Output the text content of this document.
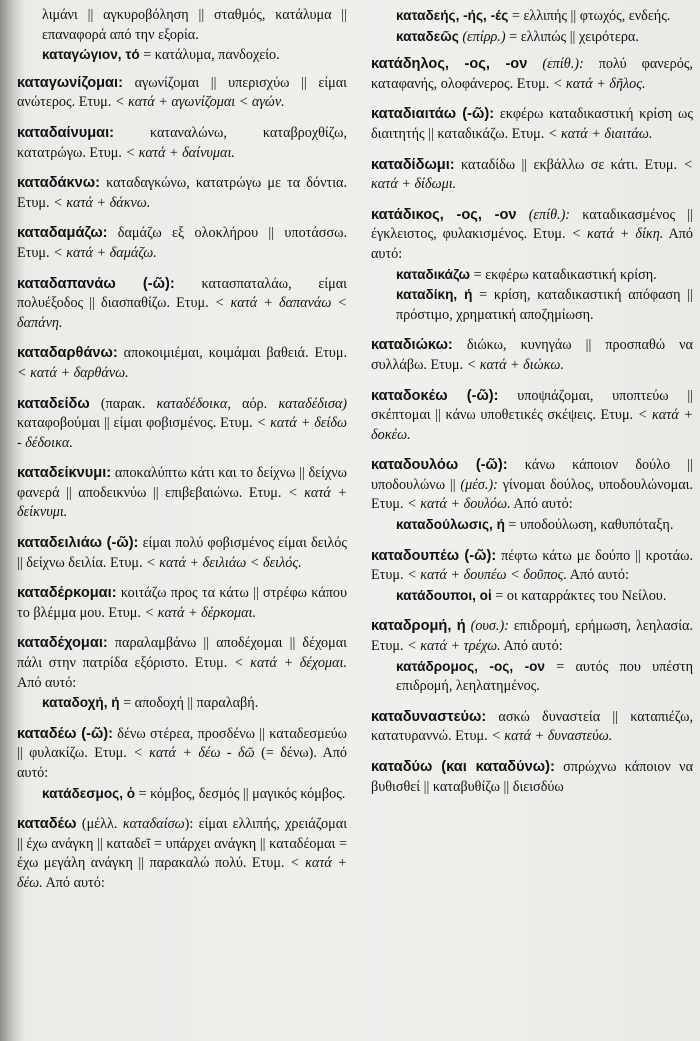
λιμάνι || αγκυροβόληση || σταθμός, κατάλυμα || επαναφορά από την εξορία.

καταγώγιον, τό = κατάλυμα, πανδοχείο.

καταγωνίζομαι: αγωνίζομαι || υπερισχύω || είμαι ανώτερος. Ετυμ. < κατά + αγωνίζομαι < αγών.

καταδαίνυμαι: καταναλώνω, καταβροχθίζω, κατατρώγω. Ετυμ. < κατά + δαίνυμαι.

καταδάκνω: καταδαγκώνω, κατατρώγω με τα δόντια. Ετυμ. < κατά + δάκνω.

καταδαμάζω: δαμάζω εξ ολοκλήρου || υποτάσσω. Ετυμ. < κατά + δαμάζω.

καταδαπανάω (-ῶ): κατασπαταλάω, είμαι πολυέξοδος || διασπαθίζω. Ετυμ. < κατά + δαπανάω < δαπάνη.

καταδαρθάνω: αποκοιμιέμαι, κοιμάμαι βαθειά. Ετυμ. < κατά + δαρθάνω.

καταδείδω (παρακ. καταδέδοικα, αόρ. καταδέδισα) καταφοβούμαι || είμαι φοβισμένος. Ετυμ. < κατά + δείδω - δέδοικα.

καταδείκνυμι: αποκαλύπτω κάτι και το δείχνω || δείχνω φανερά || αποδεικνύω || επιβεβαιώνω. Ετυμ. < κατά + δείκνυμι.

καταδειλιάω (-ῶ): είμαι πολύ φοβισμένος είμαι δειλός || δείχνω δειλία. Ετυμ. < κατά + δειλιάω < δειλός.

καταδέρκομαι: κοιτάζω προς τα κάτω || στρέφω κάπου το βλέμμα μου. Ετυμ. < κατά + δέρκομαι.

καταδέχομαι: παραλαμβάνω || αποδέχομαι || δέχομαι πάλι στην πατρίδα εξόριστο. Ετυμ. < κατά + δέχομαι. Από αυτό:

καταδοχή, ή = αποδοχή || παραλαβή.

καταδέω (-ῶ): δένω στέρεα, προσδένω || καταδεσμεύω || φυλακίζω. Ετυμ. < κατά + δέω - δῶ (= δένω). Από αυτό:

κατάδεσμος, ὁ = κόμβος, δεσμός || μαγικός κόμβος.

καταδέω (μέλλ. καταδαίσω): είμαι ελλιπής, χρειάζομαι || έχω ανάγκη || καταδεῖ = υπάρχει ανάγκη || καταδέομαι = έχω μεγάλη ανάγκη || παρακαλώ πολύ. Ετυμ. < κατά + δέω. Από αυτό:

καταδεής, -ής, -ές = ελλιπής || φτωχός, ενδεής.

καταδεῶς (επίρρ.) = ελλιπώς || χειρότερα.

κατάδηλος, -ος, -ον (επίθ.): πολύ φανερός, καταφανής, ολοφάνερος. Ετυμ. < κατά + δῆλος.

καταδιαιτάω (-ῶ): εκφέρω καταδικαστική κρίση ως διαιτητής || καταδικάζω. Ετυμ. < κατά + διαιτάω.

καταδίδωμι: καταδίδω || εκβάλλω σε κάτι. Ετυμ. < κατά + δίδωμι.

κατάδικος, -ος, -ον (επίθ.): καταδικασμένος || έγκλειστος, φυλακισμένος. Ετυμ. < κατά + δίκη. Από αυτό:

καταδικάζω = εκφέρω καταδικαστική κρίση.

καταδίκη, ή = κρίση, καταδικαστική απόφαση || πρόστιμο, χρηματική αποζημίωση.

καταδιώκω: διώκω, κυνηγάω || προσπαθώ να συλλάβω. Ετυμ. < κατά + διώκω.

καταδοκέω (-ῶ): υποψιάζομαι, υποπτεύω || σκέπτομαι || κάνω υποθετικές σκέψεις. Ετυμ. < κατά + δοκέω.

καταδουλόω (-ῶ): κάνω κάποιον δούλο || υποδουλώνω || (μέσ.): γίνομαι δούλος, υποδουλώνομαι. Ετυμ. < κατά + δουλόω. Από αυτό:

καταδούλωσις, ή = υποδούλωση, καθυπόταξη.

καταδουπέω (-ῶ): πέφτω κάτω με δούπο || κροτάω. Ετυμ. < κατά + δουπέω < δοῦπος. Από αυτό:

κατάδουποι, οἱ = οι καταρράκτες του Νείλου.

καταδρομή, ή (ουσ.): επιδρομή, ερήμωση, λεηλασία. Ετυμ. < κατά + τρέχω. Από αυτό:

κατάδρομος, -ος, -ον = αυτός που υπέστη επιδρομή, λεηλατημένος.

καταδυναστεύω: ασκώ δυναστεία || καταπιέζω, κατατυραννώ. Ετυμ. < κατά + δυναστεύω.

καταδύω (και καταδύνω): σπρώχνω κάποιον να βυθισθεί || καταβυθίζω || διεισδύω
